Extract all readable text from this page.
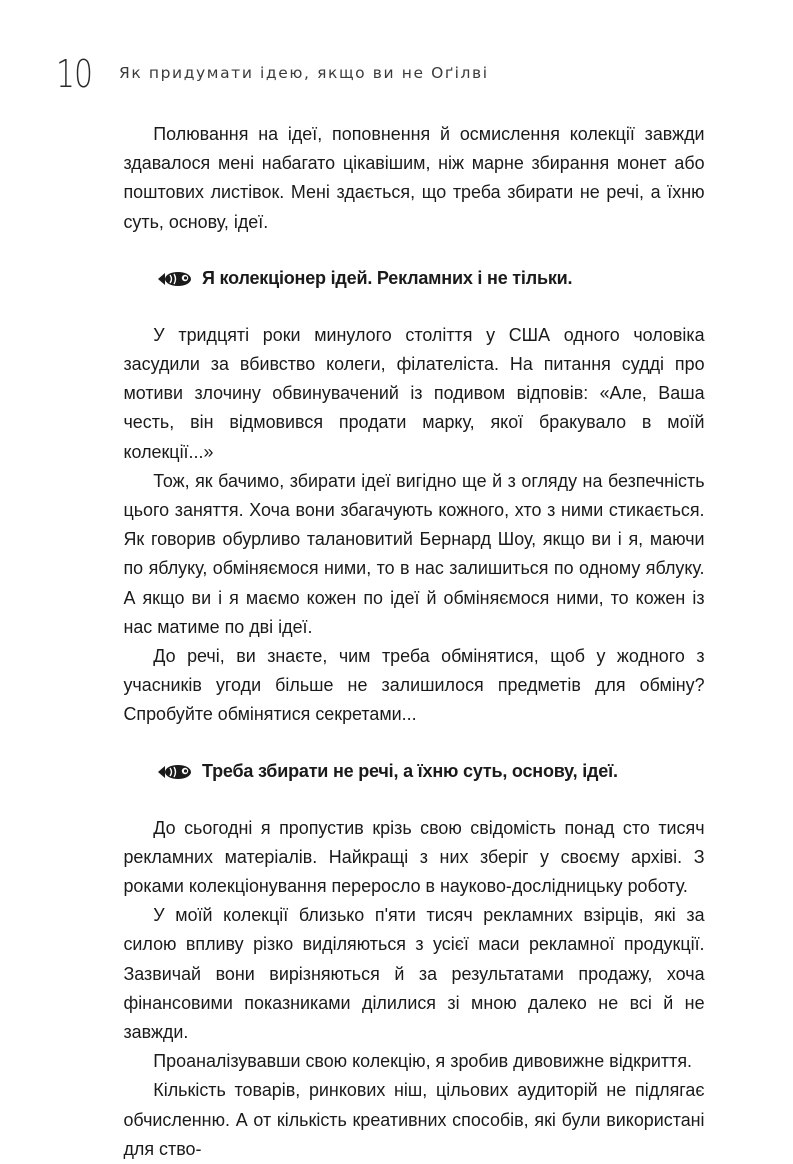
10 Як придумати ідею, якщо ви не Оґілві

Полювання на ідеї, поповнення й осмислення колекції завжди здавалося мені набагато цікавішим, ніж марне збирання монет або поштових листівок. Мені здається, що треба збирати не речі, а їхню суть, основу, ідеї.

Я колекціонер ідей. Рекламних і не тільки.

У тридцяті роки минулого століття у США одного чоловіка засудили за вбивство колеги, філателіста. На питання судді про мотиви злочину обвинувачений із подивом відповів: «Але, Ваша честь, він відмовився продати марку, якої бракувало в моїй колекції...»

Тож, як бачимо, збирати ідеї вигідно ще й з огляду на безпечність цього заняття. Хоча вони збагачують кожного, хто з ними стикається. Як говорив обурливо талановитий Бернард Шоу, якщо ви і я, маючи по яблуку, обміняємося ними, то в нас залишиться по одному яблуку. А якщо ви і я маємо кожен по ідеї й обміняємося ними, то кожен із нас матиме по дві ідеї.

До речі, ви знаєте, чим треба обмінятися, щоб у жодного з учасників угоди більше не залишилося предметів для обміну? Спробуйте обмінятися секретами...

Треба збирати не речі, а їхню суть, основу, ідеї.

До сьогодні я пропустив крізь свою свідомість понад сто тисяч рекламних матеріалів. Найкращі з них зберіг у своєму архіві. З роками колекціонування переросло в науково-дослідницьку роботу.

У моїй колекції близько п'яти тисяч рекламних взірців, які за силою впливу різко виділяються з усієї маси рекламної продукції. Зазвичай вони вирізняються й за результатами продажу, хоча фінансовими показниками ділилися зі мною далеко не всі й не завжди.

Проаналізувавши свою колекцію, я зробив дивовижне відкриття.

Кількість товарів, ринкових ніш, цільових аудиторій не підлягає обчисленню. А от кількість креативних способів, які були використані для ство-
